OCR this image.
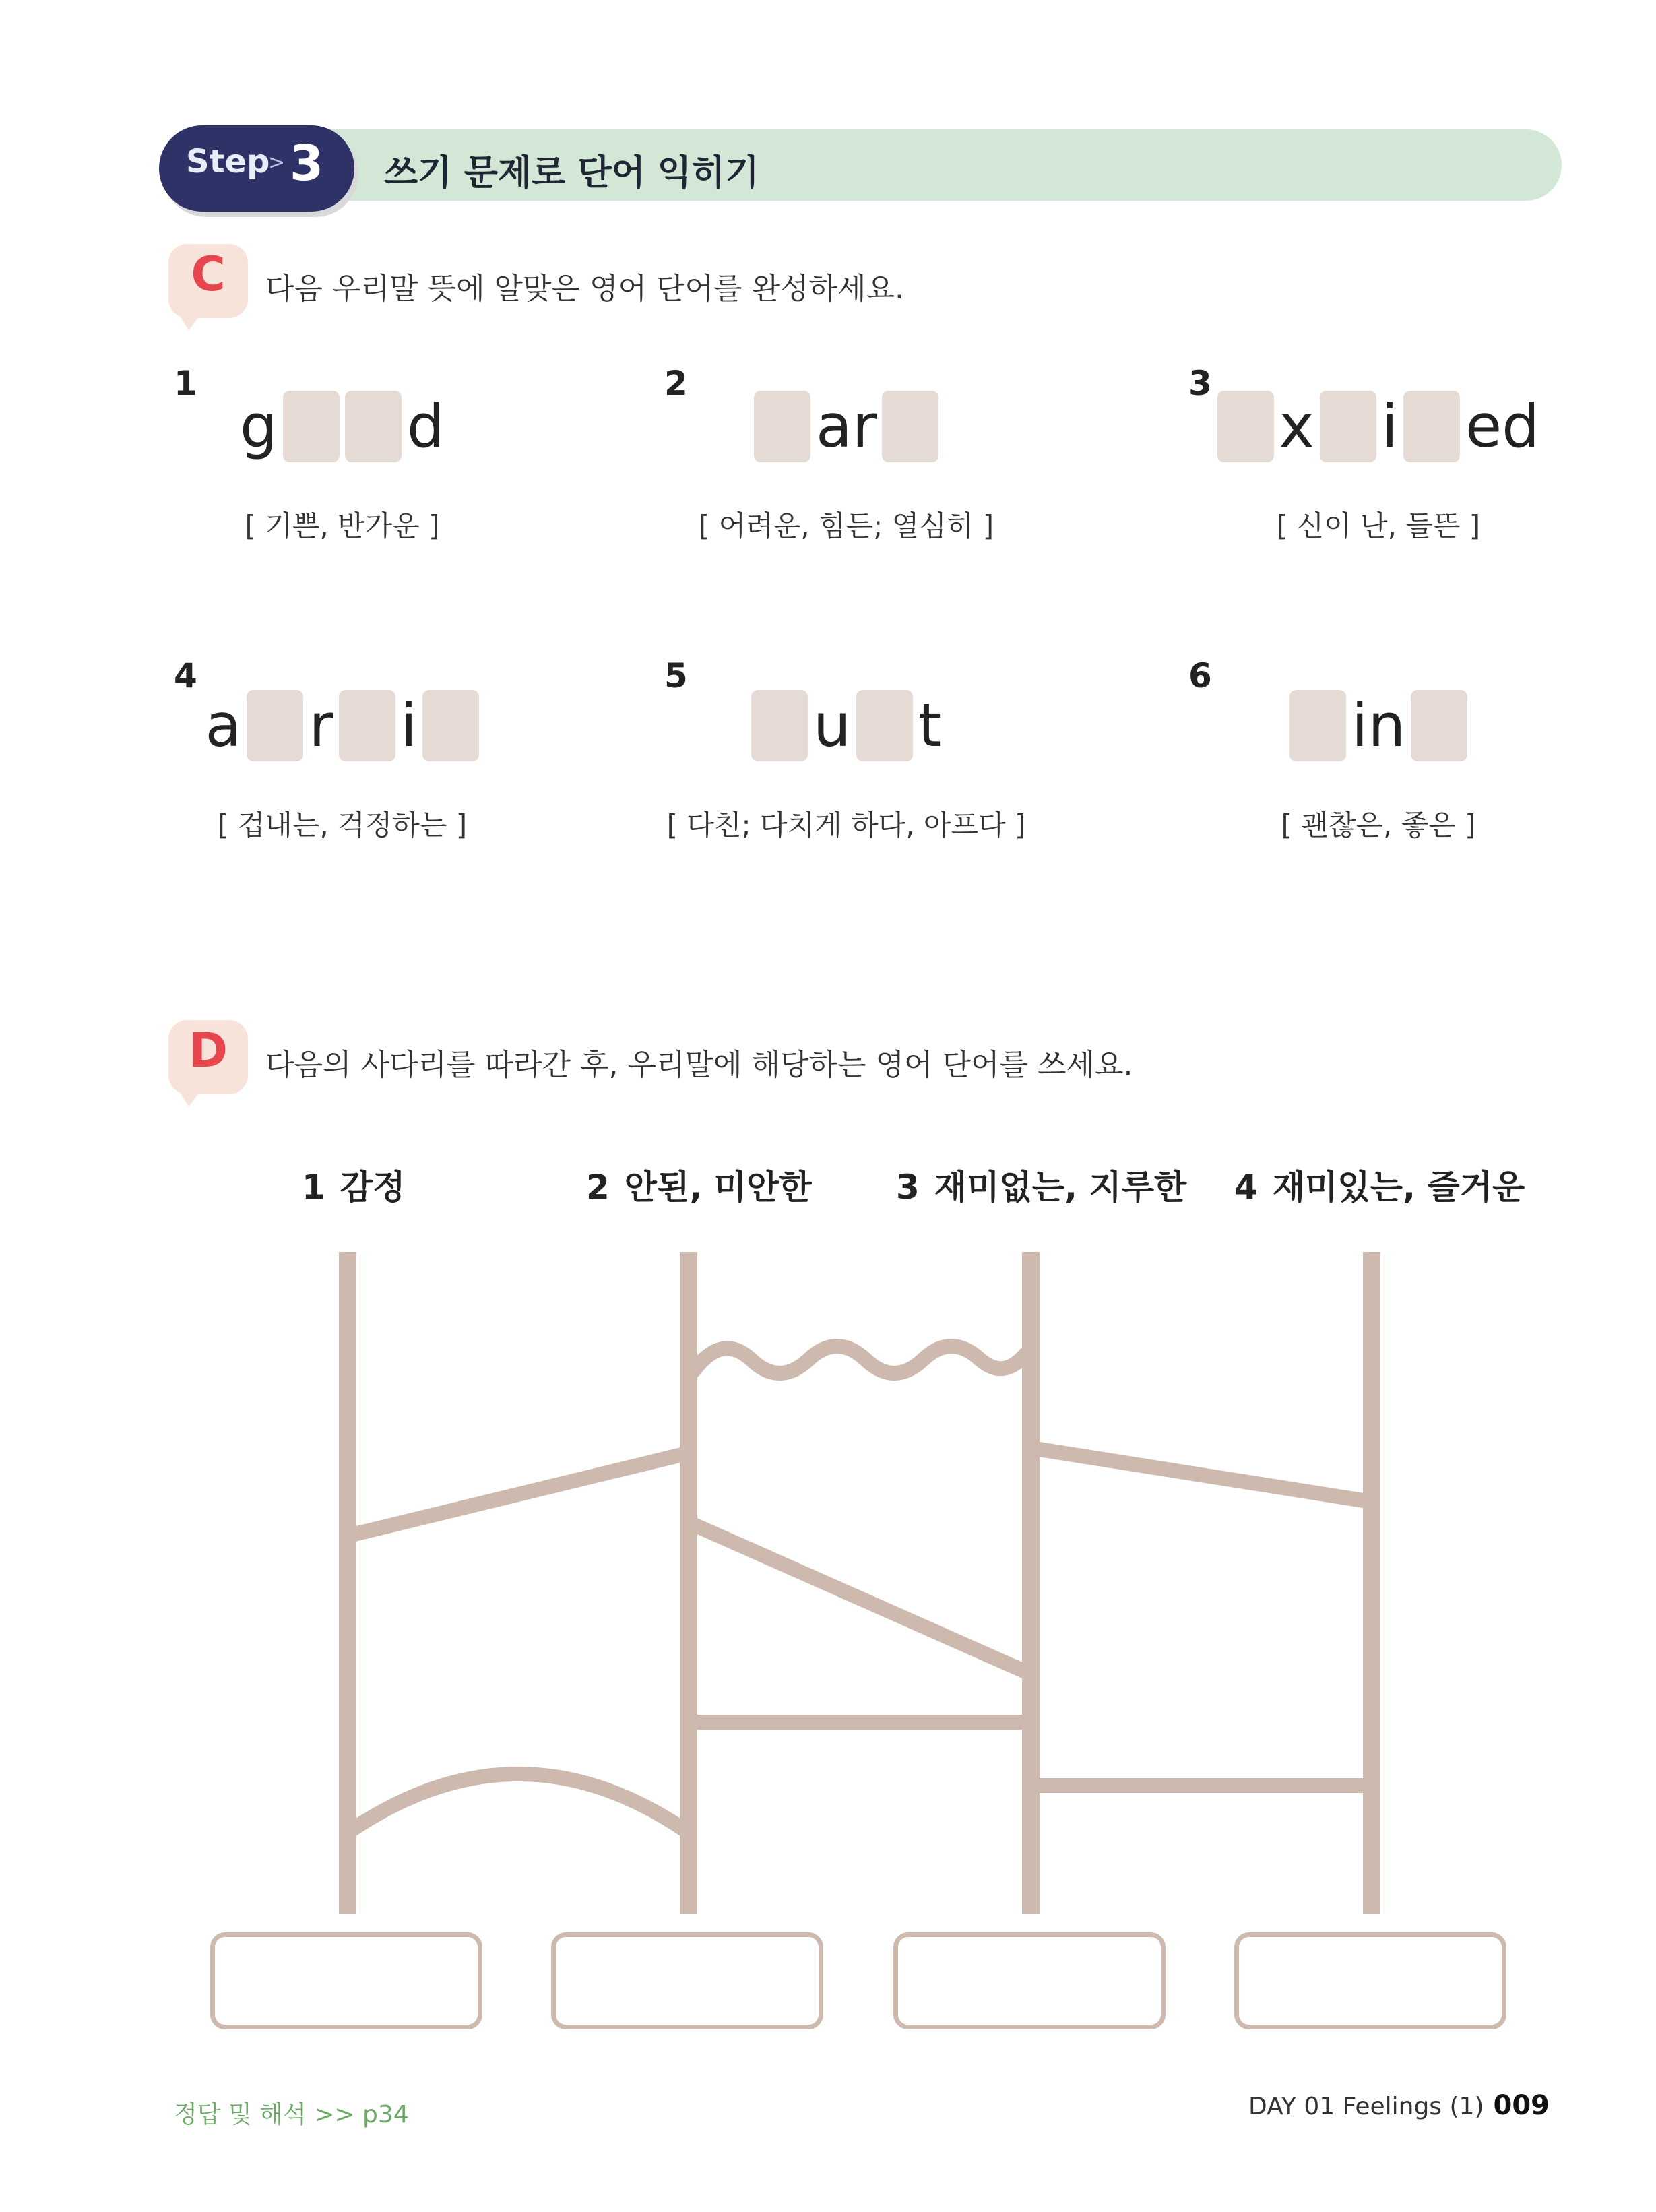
Step
> 3 쓰기 문제로 단어 익히기
C	다음 우리말 뜻에 알맞은 영어 단어를 완성하세요.
1
g d
[ 기쁜, 반가운 ]
2
ar
[ 어려운, 힘든; 열심히 ]
3
x i ed
[ 신이 난, 들뜬 ]
4
a r i
[ 겁내는, 걱정하는 ]
5
u t
[ 다친; 다치게 하다, 아프다 ]
6
in
[ 괜찮은, 좋은 ]
D	다음의 사다리를 따라간 후, 우리말에 해당하는 영어 단어를 쓰세요.
1 감정	2 안된, 미안한	3 재미없는, 지루한 4 재미있는, 즐거운
정답 및 해석 >> p34	DAY 01 Feelings (1) 009
